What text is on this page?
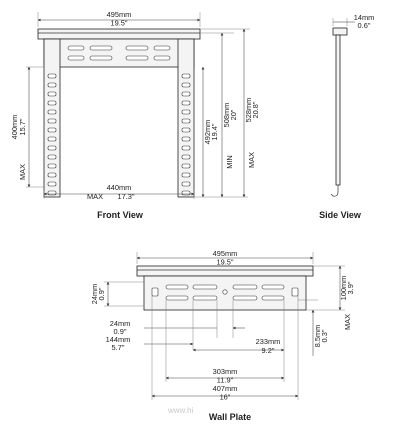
495mm
19.5"
400mm 15.7"
MAX
492mm
19.4"
508mm
20"
MIN
528mm
20.8"
MAX
440mm
17.3"
MAX
Front View
14mm
0.6"
Side View
495mm
19.5"
100mm
3.9"
MAX
24mm
0.9"
24mm
0.9"
144mm
5.7"
233mm
9.2"
8.5mm
0.3"
303mm
11.9"
407mm
16"
Wall Plate
www.hi
